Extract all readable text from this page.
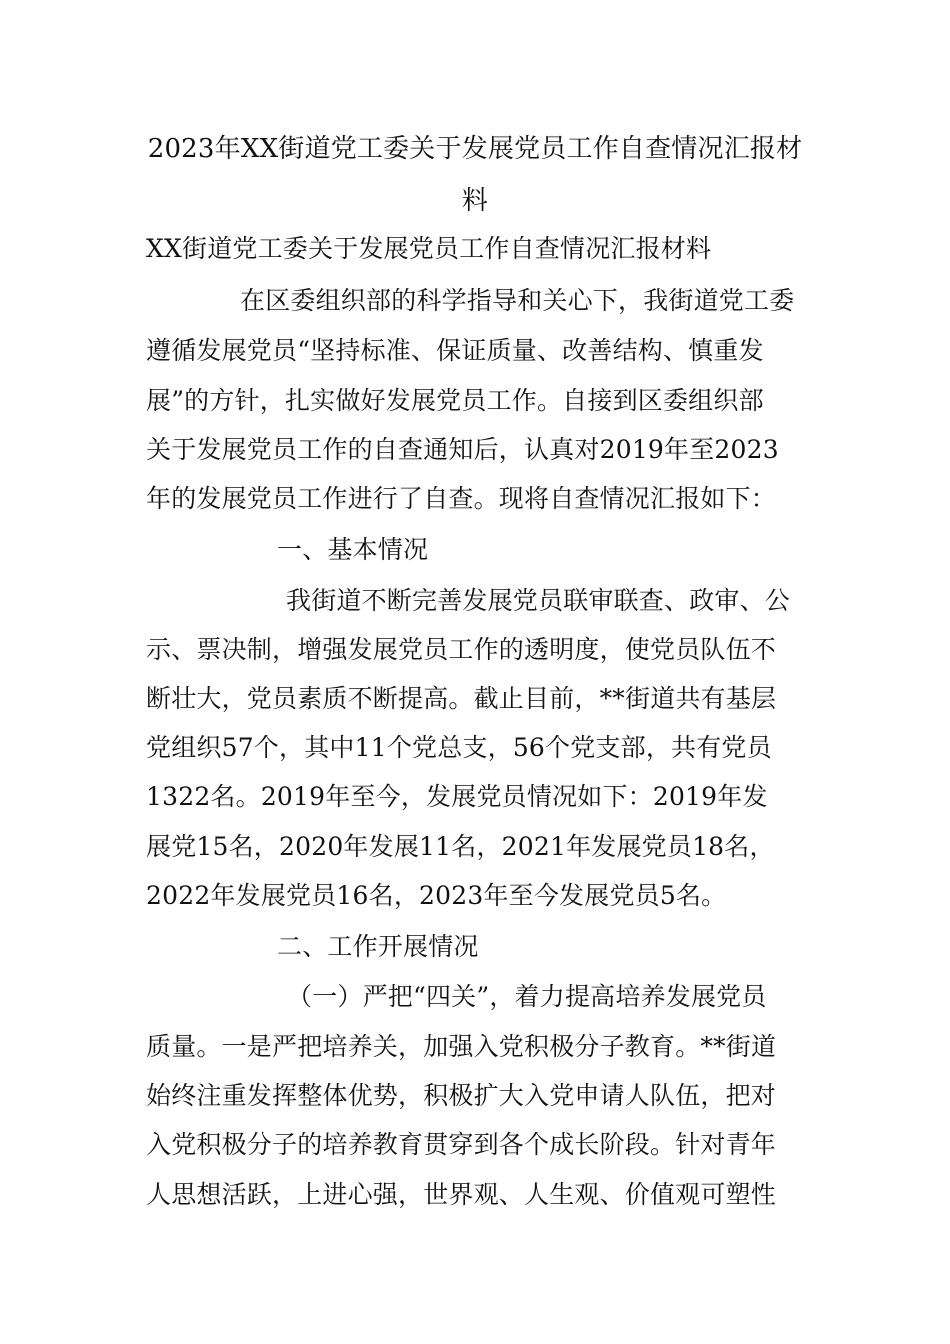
2023年XX街道党工委关于发展党员工作自查情况汇报材
料
XX街道党工委关于发展党员工作自查情况汇报材料
在区委组织部的科学指导和关心下，我街道党工委
遵循发展党员“坚持标准、保证质量、改善结构、慎重发
展”的方针，扎实做好发展党员工作。自接到区委组织部
关于发展党员工作的自查通知后，认真对2019年至2023
年的发展党员工作进行了自查。现将自查情况汇报如下：
一、基本情况
我街道不断完善发展党员联审联查、政审、公
示、票决制，增强发展党员工作的透明度，使党员队伍不
断壮大，党员素质不断提高。截止目前，**街道共有基层
党组织57个，其中11个党总支，56个党支部，共有党员
1322名。2019年至今，发展党员情况如下：2019年发
展党15名，2020年发展11名，2021年发展党员18名，
2022年发展党员16名，2023年至今发展党员5名。
二、工作开展情况
（一）严把“四关”，着力提高培养发展党员
质量。一是严把培养关，加强入党积极分子教育。**街道
始终注重发挥整体优势，积极扩大入党申请人队伍，把对
入党积极分子的培养教育贯穿到各个成长阶段。针对青年
人思想活跃，上进心强，世界观、人生观、价值观可塑性
